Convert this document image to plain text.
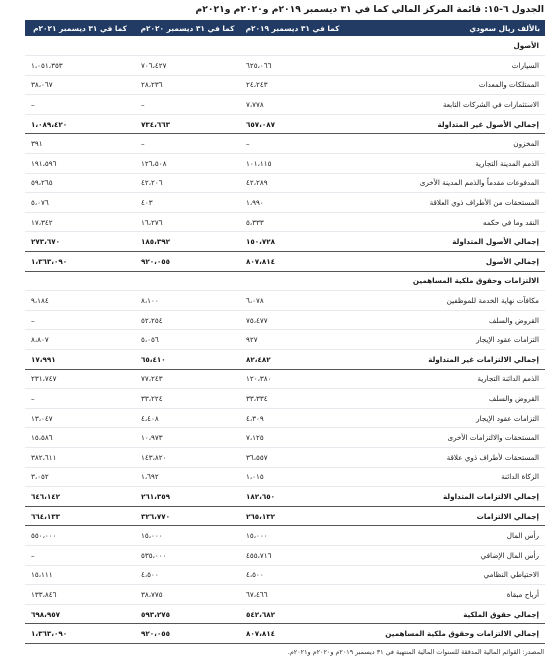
الجدول ٦-١٥: قائمة المركز المالي كما في ٣١ ديسمبر ٢٠١٩م و٢٠٢٠م و٢٠٢١م
بالألف ريال سعودي	كما في ٣١ ديسمبر ٢٠١٩م	كما في ٣١ ديسمبر ٢٠٢٠م	كما في ٣١ ديسمبر ٢٠٢١م
الأصول			
السيارات	٦٢٥،٠٦٦	٧٠٦،٤٢٧	١،٠٥١،٣٥٣
الممتلكات والمعدات	٢٤،٢٤٣	٢٨،٢٣٦	٣٨،٠٦٧
الاستثمارات في الشركات التابعة	٧،٧٧٨	–	–
إجمالي الأصول غير المتداولة	٦٥٧،٠٨٧	٧٣٤،٦٦٣	١،٠٨٩،٤٢٠
المخزون	–	–	٣٩١
الذمم المدينة التجارية	١٠١،١١٥	١٢٦،٥٠٨	١٩١،٥٩٦
المدفوعات مقدماً والذمم المدينة الأخرى	٤٢،٢٨٩	٤٢،٢٠٦	٥٩،٢٦٥
المستحقات من الأطراف ذوي العلاقة	١،٩٩٠	٤٠٣	٥،٠٧٦
النقد وما في حكمه	٥،٣٣٣	١٦،٢٧٦	١٧،٣٤٢
إجمالي الأصول المتداولة	١٥٠،٧٢٨	١٨٥،٣٩٢	٢٧٣،٦٧٠
إجمالي الأصول	٨٠٧،٨١٤	٩٢٠،٠٥٥	١،٣٦٣،٠٩٠
الالتزامات وحقوق ملكية المساهمين			
مكافآت نهاية الخدمة للموظفين	٦،٠٧٨	٨،١٠٠	٩،١٨٤
القروض والسلف	٧٥،٤٧٧	٥٢،٢٥٤	–
التزامات عقود الإيجار	٩٢٧	٥،٠٥٦	٨،٨٠٧
إجمالي الالتزامات غير المتداولة	٨٢،٤٨٢	٦٥،٤١٠	١٧،٩٩١
الذمم الدائنة التجارية	١٢٠،٣٨٠	٧٧،٢٤٣	٢٣١،٧٤٧
القروض والسلف	٣٣،٣٣٤	٣٣،٢٢٤	–
التزامات عقود الإيجار	٤،٣٠٩	٤،٤٠٨	١٣،٠٤٧
المستحقات والالتزامات الأخرى	٧،١٢٥	١٠،٩٧٣	١٥،٥٨٦
المستحقات لأطراف ذوي علاقة	٣٦،٥٥٧	١٤٣،٨٢٠	٣٨٢،٦١١
الزكاة الدائنة	١،٠١٥	١،٦٩٢	٣،٠٥٢
إجمالي الالتزامات المتداولة	١٨٢،٦٥٠	٢٦١،٣٥٩	٦٤٦،١٤٢
إجمالي الالتزامات	٢٦٥،١٣٢	٣٢٦،٧٧٠	٦٦٤،١٣٣
رأس المال	١٥،٠٠٠	١٥،٠٠٠	٥٥٠،٠٠٠
رأس المال الإضافي	٤٥٥،٧١٦	٥٣٥،٠٠٠	–
الاحتياطي النظامي	٤،٥٠٠	٤،٥٠٠	١٥،١١١
أرباح مبقاة	٦٧،٤٦٦	٣٨،٧٧٥	١٣٣،٨٤٦
إجمالي حقوق الملكية	٥٤٢،٦٨٢	٥٩٣،٢٧٥	٦٩٨،٩٥٧
إجمالي الالتزامات وحقوق ملكية المساهمين	٨٠٧،٨١٤	٩٢٠،٠٥٥	١،٣٦٣،٠٩٠
المصدر: القوائم المالية المدققة للسنوات المالية المنتهية في ٣١ ديسمبر ٢٠١٩م و٢٠٢٠م و٢٠٢١م.
